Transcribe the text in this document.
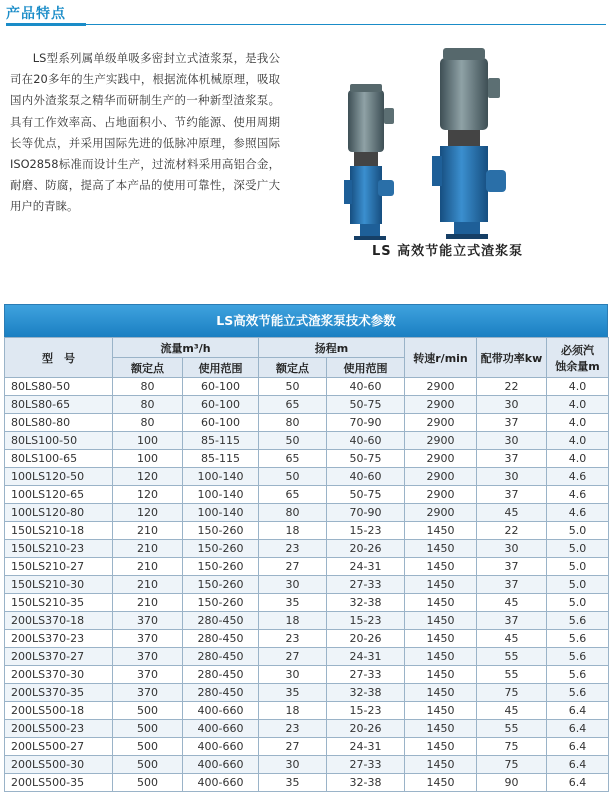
产品特点

LS型系列属单级单吸多密封立式渣浆泵，是我公司在20多年的生产实践中，根据流体机械原理，吸取国内外渣浆泵之精华而研制生产的一种新型渣浆泵。具有工作效率高、占地面积小、节约能源、使用周期长等优点，并采用国际先进的低脉冲原理，参照国际ISO2858标准而设计生产，过流材料采用高铝合金，耐磨、防腐，提高了本产品的使用可靠性，深受广大用户的青睐。

LS 高效节能立式渣浆泵
LS高效节能立式渣浆泵技术参数
型　号	流量m³/h		扬程m		转速r/min	配带功率kw	必须汽
蚀余量m

	额定点	使用范围	额定点	使用范围			
80LS80-50	80	60-100	50	40-60	2900	22	4.0
80LS80-65	80	60-100	65	50-75	2900	30	4.0
80LS80-80	80	60-100	80	70-90	2900	37	4.0
80LS100-50	100	85-115	50	40-60	2900	30	4.0
80LS100-65	100	85-115	65	50-75	2900	37	4.0
100LS120-50	120	100-140	50	40-60	2900	30	4.6
100LS120-65	120	100-140	65	50-75	2900	37	4.6
100LS120-80	120	100-140	80	70-90	2900	45	4.6
150LS210-18	210	150-260	18	15-23	1450	22	5.0
150LS210-23	210	150-260	23	20-26	1450	30	5.0
150LS210-27	210	150-260	27	24-31	1450	37	5.0
150LS210-30	210	150-260	30	27-33	1450	37	5.0
150LS210-35	210	150-260	35	32-38	1450	45	5.0
200LS370-18	370	280-450	18	15-23	1450	37	5.6
200LS370-23	370	280-450	23	20-26	1450	45	5.6
200LS370-27	370	280-450	27	24-31	1450	55	5.6
200LS370-30	370	280-450	30	27-33	1450	55	5.6
200LS370-35	370	280-450	35	32-38	1450	75	5.6
200LS500-18	500	400-660	18	15-23	1450	45	6.4
200LS500-23	500	400-660	23	20-26	1450	55	6.4
200LS500-27	500	400-660	27	24-31	1450	75	6.4
200LS500-30	500	400-660	30	27-33	1450	75	6.4
200LS500-35	500	400-660	35	32-38	1450	90	6.4
